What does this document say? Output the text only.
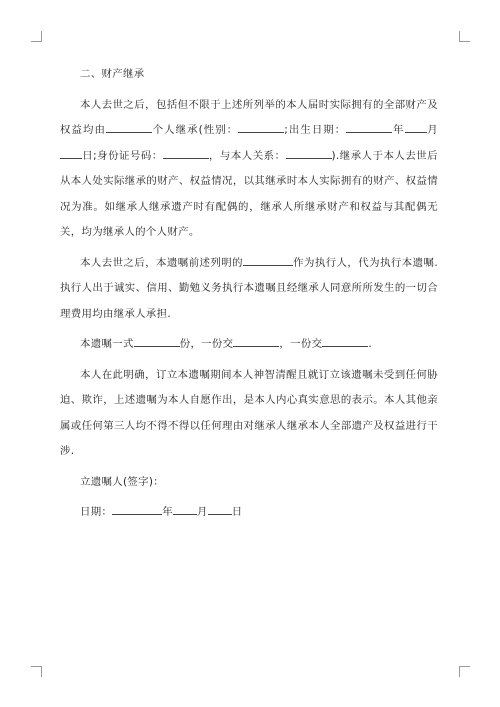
二、财产继承

本人去世之后，包括但不限于上述所列举的本人届时实际拥有的全部财产及权益均由	个人继承(性别：	;出生日期：	年 月日;身份证号码：	，与本人关系：	).继承人于本人去世后从本人处实际继承的财产、权益情况，以其继承时本人实际拥有的财产、权益情况为准。如继承人继承遗产时有配偶的，继承人所继承财产和权益与其配偶无关，均为继承人的个人财产。

本人去世之后，本遗嘱前述列明的	作为执行人，代为执行本遗嘱.执行人出于诚实、信用、勤勉义务执行本遗嘱且经继承人同意所所发生的一切合理费用均由继承人承担.

本遗嘱一式	份，一份交	，一份交	.

本人在此明确，订立本遗嘱期间本人神智清醒且就订立该遗嘱未受到任何胁迫、欺诈，上述遗嘱为本人自愿作出，是本人内心真实意思的表示。本人其他亲属或任何第三人均不得不得以任何理由对继承人继承本人全部遗产及权益进行干涉.

立遗嘱人(签字)：

日期：	年 月 日
